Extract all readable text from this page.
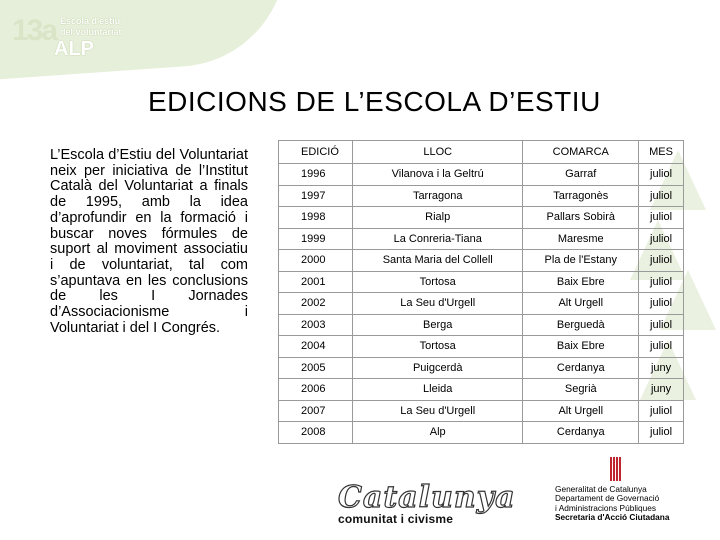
13a Escola d'estiu
del voluntariat
ALP
EDICIONS DE L’ESCOLA D’ESTIU
L’Escola d’Estiu del Voluntariat neix per iniciativa de l’Institut Català del Voluntariat a finals de 1995, amb la idea d’aprofundir en la formació i buscar noves fórmules de suport al moviment associatiu i de voluntariat, tal com s’apuntava en les conclusions de les I Jornades d’Associacionisme i Voluntariat i del I Congrés.
EDICIÓ	LLOC	COMARCA	MES
1996	Vilanova i la Geltrú	Garraf	juliol
1997	Tarragona	Tarragonès	juliol
1998	Rialp	Pallars Sobirà	juliol
1999	La Conreria-Tiana	Maresme	juliol
2000	Santa Maria del Collell	Pla de l'Estany	juliol
2001	Tortosa	Baix Ebre	juliol
2002	La Seu d'Urgell	Alt Urgell	juliol
2003	Berga	Berguedà	juliol
2004	Tortosa	Baix Ebre	juliol
2005	Puigcerdà	Cerdanya	juny
2006	Lleida	Segrià	juny
2007	La Seu d'Urgell	Alt Urgell	juliol
2008	Alp	Cerdanya	juliol
Catalunya
comunitat i civisme
Generalitat de Catalunya
Departament de Governació
i Administracions Públiques
Secretaria d'Acció Ciutadana
